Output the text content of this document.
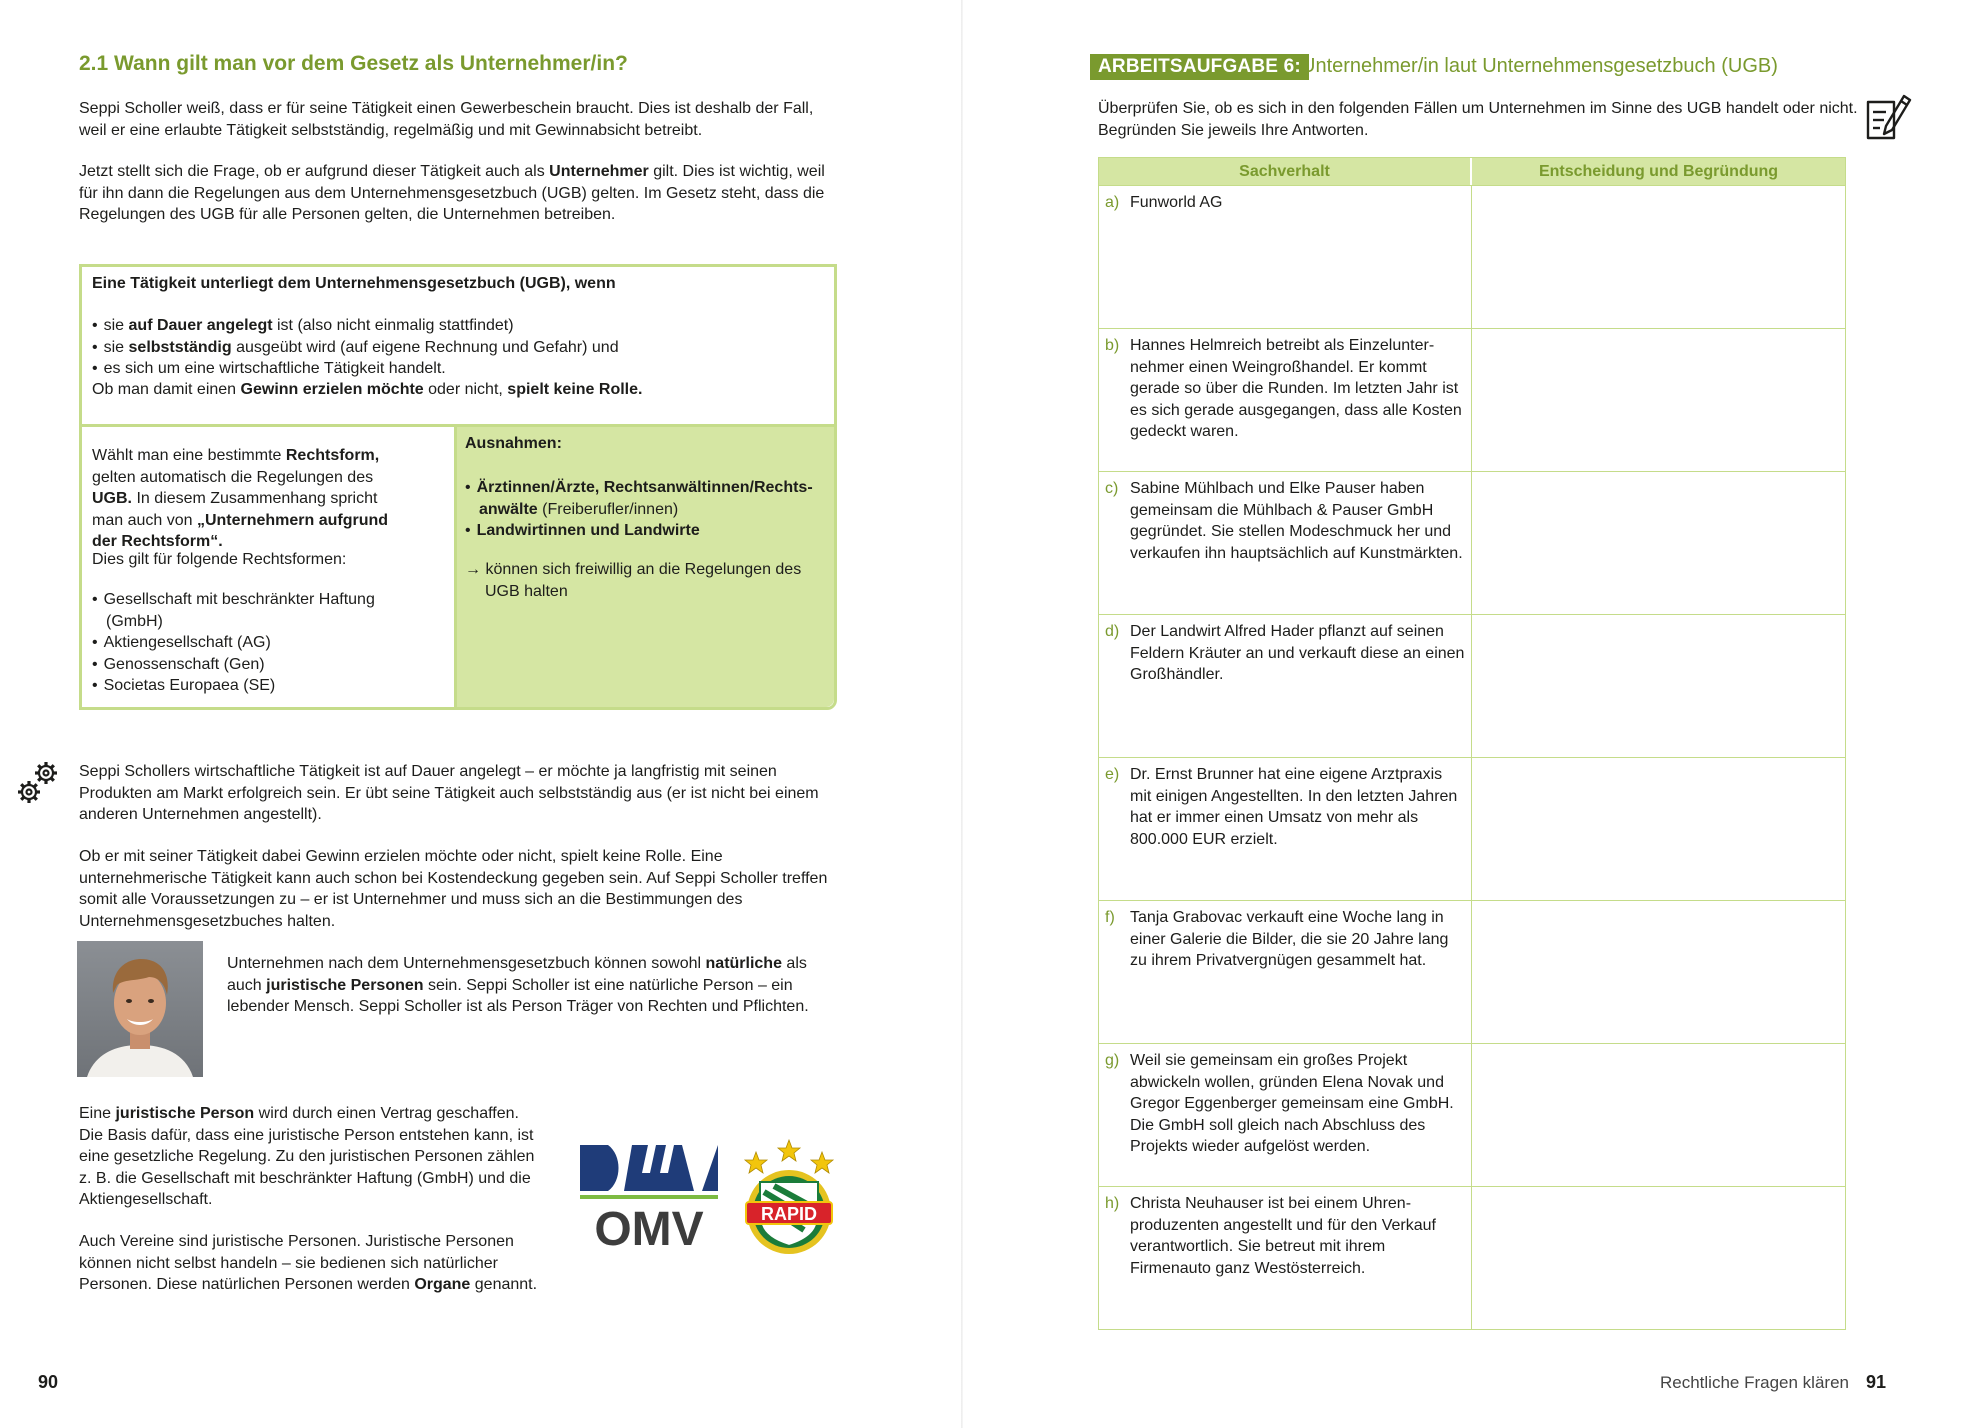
2.1 Wann gilt man vor dem Gesetz als Unternehmer/in?

Seppi Scholler weiß, dass er für seine Tätigkeit einen Gewerbeschein braucht. Dies ist deshalb der Fall, weil er eine erlaubte Tätigkeit selbstständig, regelmäßig und mit Gewinnabsicht betreibt.

Jetzt stellt sich die Frage, ob er aufgrund dieser Tätigkeit auch als Unternehmer gilt. Dies ist wichtig, weil für ihn dann die Regelungen aus dem Unternehmensgesetzbuch (UGB) gelten. Im Gesetz steht, dass die Regelungen des UGB für alle Personen gelten, die Unternehmen betreiben.

Eine Tätigkeit unterliegt dem Unternehmensgesetzbuch (UGB), wenn
• sie auf Dauer angelegt ist (also nicht einmalig stattfindet)
• sie selbstständig ausgeübt wird (auf eigene Rechnung und Gefahr) und
• es sich um eine wirtschaftliche Tätigkeit handelt.
Ob man damit einen Gewinn erzielen möchte oder nicht, spielt keine Rolle.

Wählt man eine bestimmte Rechtsform, gelten automatisch die Regelungen des UGB. In diesem Zusammenhang spricht man auch von „Unternehmern aufgrund der Rechtsform“.

Dies gilt für folgende Rechtsformen:
• Gesellschaft mit beschränkter Haftung (GmbH)
• Aktiengesellschaft (AG)
• Genossenschaft (Gen)
• Societas Europaea (SE)
Ausnahmen:
• Ärztinnen/Ärzte, Rechtsanwältinnen/Rechtsanwälte (Freiberufler/innen)
• Landwirtinnen und Landwirte
→ können sich freiwillig an die Regelungen des UGB halten

Seppi Schollers wirtschaftliche Tätigkeit ist auf Dauer angelegt – er möchte ja langfristig mit seinen Produkten am Markt erfolgreich sein. Er übt seine Tätigkeit auch selbstständig aus (er ist nicht bei einem anderen Unternehmen angestellt).

Ob er mit seiner Tätigkeit dabei Gewinn erzielen möchte oder nicht, spielt keine Rolle. Eine unternehmerische Tätigkeit kann auch schon bei Kostendeckung gegeben sein. Auf Seppi Scholler treffen somit alle Voraussetzungen zu – er ist Unternehmer und muss sich an die Bestimmungen des Unternehmensgesetzbuches halten.

Unternehmen nach dem Unternehmensgesetzbuch können sowohl natürliche als auch juristische Personen sein. Seppi Scholler ist eine natürliche Person – ein lebender Mensch. Seppi Scholler ist als Person Träger von Rechten und Pflichten.

Eine juristische Person wird durch einen Vertrag geschaffen. Die Basis dafür, dass eine juristische Person entstehen kann, ist eine gesetzliche Regelung. Zu den juristischen Personen zählen z. B. die Gesellschaft mit beschränkter Haftung (GmbH) und die Aktiengesellschaft.

Auch Vereine sind juristische Personen. Juristische Personen können nicht selbst handeln – sie bedienen sich natürlicher Personen. Diese natürlichen Personen werden Organe genannt.

OMV	RAPID
90
ARBEITSAUFGABE 6: Unternehmer/in laut Unternehmensgesetzbuch (UGB)

Überprüfen Sie, ob es sich in den folgenden Fällen um Unternehmen im Sinne des UGB handelt oder nicht. Begründen Sie jeweils Ihre Antworten.

Sachverhalt	Entscheidung und Begründung
a) Funworld AG
b) Hannes Helmreich betreibt als Einzelunternehmer einen Weingroßhandel. Er kommt gerade so über die Runden. Im letzten Jahr ist es sich gerade ausgegangen, dass alle Kosten gedeckt waren.
c) Sabine Mühlbach und Elke Pauser haben gemeinsam die Mühlbach & Pauser GmbH gegründet. Sie stellen Modeschmuck her und verkaufen ihn hauptsächlich auf Kunstmärkten.
d) Der Landwirt Alfred Hader pflanzt auf seinen Feldern Kräuter an und verkauft diese an einen Großhändler.
e) Dr. Ernst Brunner hat eine eigene Arztpraxis mit einigen Angestellten. In den letzten Jahren hat er immer einen Umsatz von mehr als 800.000 EUR erzielt.
f) Tanja Grabovac verkauft eine Woche lang in einer Galerie die Bilder, die sie 20 Jahre lang zu ihrem Privatvergnügen gesammelt hat.
g) Weil sie gemeinsam ein großes Projekt abwickeln wollen, gründen Elena Novak und Gregor Eggenberger gemeinsam eine GmbH. Die GmbH soll gleich nach Abschluss des Projekts wieder aufgelöst werden.
h) Christa Neuhauser ist bei einem Uhrenproduzenten angestellt und für den Verkauf verantwortlich. Sie betreut mit ihrem Firmenauto ganz Westösterreich.
Rechtliche Fragen klären 91
